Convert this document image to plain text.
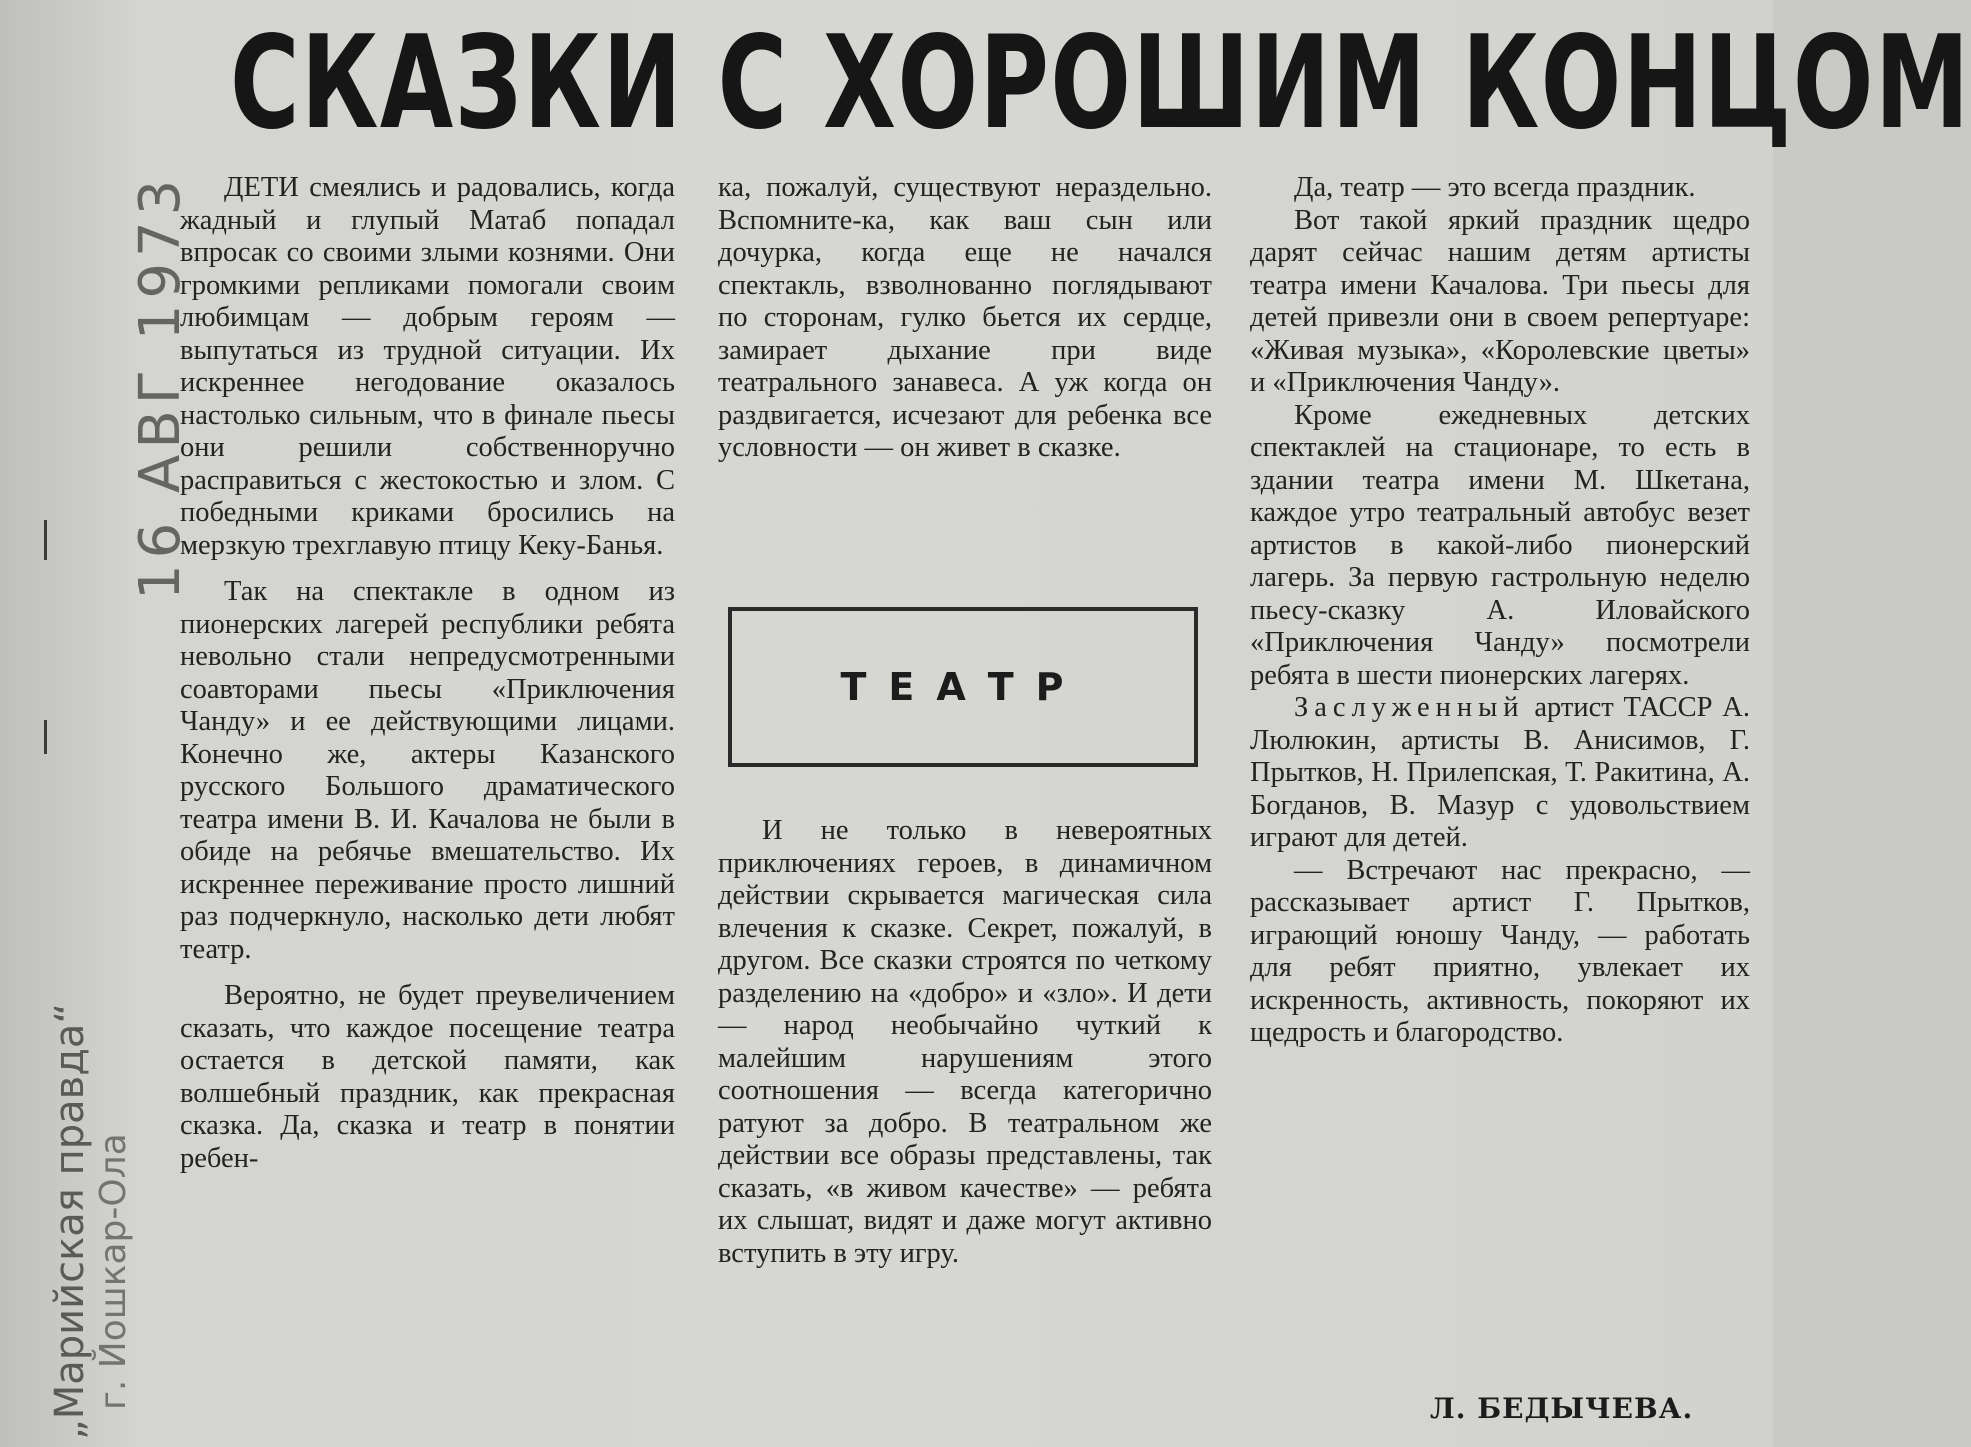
СКАЗКИ С ХОРОШИМ КОНЦОМ
16 АВГ 1973
„Марийская правда“ г. Йошкар-Ола

ДЕТИ смеялись и радовались, когда жадный и глупый Матаб попадал впросак со своими злыми кознями. Они громкими репликами помогали своим любимцам — добрым героям — выпутаться из трудной ситуации. Их искреннее негодование оказалось настолько сильным, что в финале пьесы они решили собственноручно расправиться с жестокостью и злом. С победными криками бросились на мерзкую трехглавую птицу Кеку-Банья.

Так на спектакле в одном из пионерских лагерей республики ребята невольно стали непредусмотренными соавторами пьесы «Приключения Чанду» и ее действующими лицами. Конечно же, актеры Казанского русского Большого драматического театра имени В. И. Качалова не были в обиде на ребячье вмешательство. Их искреннее переживание просто лишний раз подчеркнуло, насколько дети любят театр.

Вероятно, не будет преувеличением сказать, что каждое посещение театра остается в детской памяти, как волшебный праздник, как прекрасная сказка. Да, сказка и театр в понятии ребен-

ка, пожалуй, существуют нераздельно. Вспомните-ка, как ваш сын или дочурка, когда еще не начался спектакль, взволнованно поглядывают по сторонам, гулко бьется их сердце, замирает дыхание при виде театрального занавеса. А уж когда он раздвигается, исчезают для ребенка все условности — он живет в сказке.

ТЕАТР

И не только в невероятных приключениях героев, в динамичном действии скрывается магическая сила влечения к сказке. Секрет, пожалуй, в другом. Все сказки строятся по четкому разделению на «добро» и «зло». И дети — народ необычайно чуткий к малейшим нарушениям этого соотношения — всегда категорично ратуют за добро. В театральном же действии все образы представлены, так сказать, «в живом качестве» — ребята их слышат, видят и даже могут активно вступить в эту игру.

Да, театр — это всегда праздник.

Вот такой яркий праздник щедро дарят сейчас нашим детям артисты театра имени Качалова. Три пьесы для детей привезли они в своем репертуаре: «Живая музыка», «Королевские цветы» и «Приключения Чанду».

Кроме ежедневных детских спектаклей на стационаре, то есть в здании театра имени М. Шкетана, каждое утро театральный автобус везет артистов в какой-либо пионерский лагерь. За первую гастрольную неделю пьесу-сказку А. Иловайского «Приключения Чанду» посмотрели ребята в шести пионерских лагерях.

Заслуженный артист ТАССР А. Люлюкин, артисты В. Анисимов, Г. Прытков, Н. Прилепская, Т. Ракитина, А. Богданов, В. Мазур с удовольствием играют для детей.

— Встречают нас прекрасно, — рассказывает артист Г. Прытков, играющий юношу Чанду, — работать для ребят приятно, увлекает их искренность, активность, покоряют их щедрость и благородство.

Л. БЕДЫЧЕВА.
